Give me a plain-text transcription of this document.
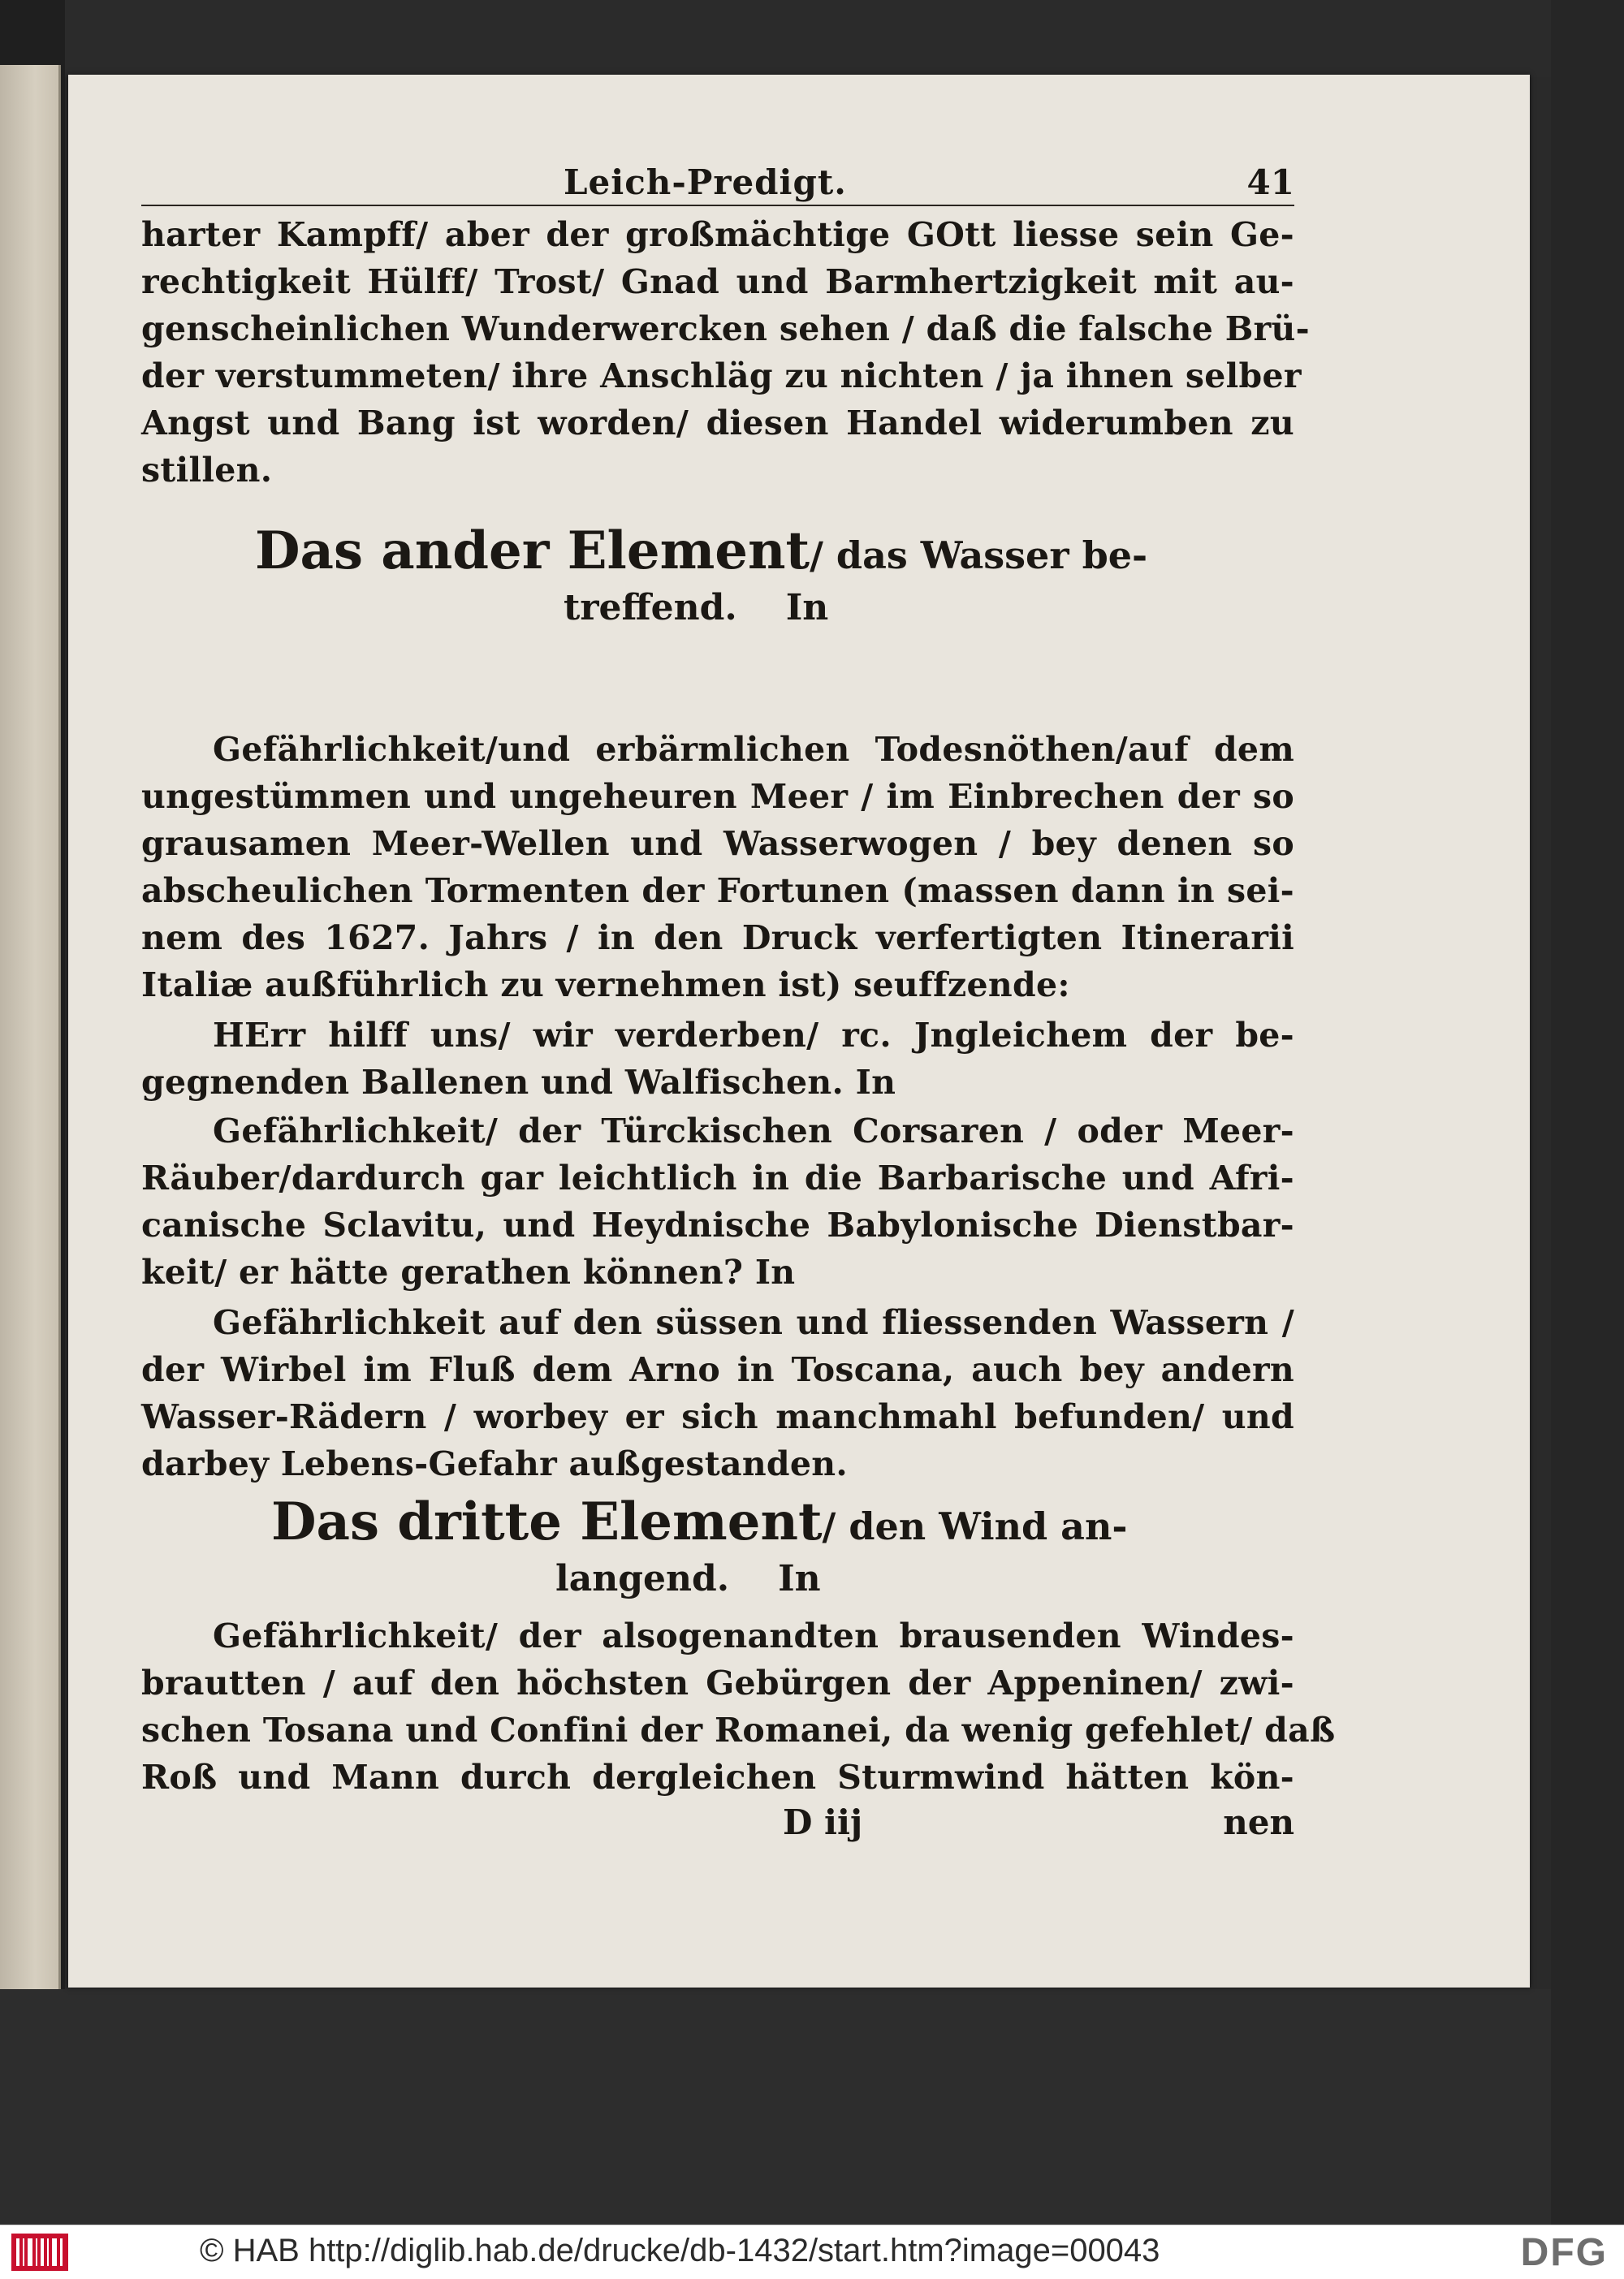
Leich-Predigt.	41
harter Kampff/ aber der großmächtige GOtt liesse sein Ge-
rechtigkeit Hülff/ Trost/ Gnad und Barmhertzigkeit mit au-
genscheinlichen Wunderwercken sehen / daß die falsche Brü-
der verstummeten/ ihre Anschläg zu nichten / ja ihnen selber
Angst und Bang ist worden/ diesen Handel widerumben zu
stillen.
Das ander Element/ das Wasser be-
treffend. In
Gefährlichkeit/und erbärmlichen Todesnöthen/auf dem
ungestümmen und ungeheuren Meer / im Einbrechen der so
grausamen Meer-Wellen und Wasserwogen / bey denen so
abscheulichen Tormenten der Fortunen (massen dann in sei-
nem des 1627. Jahrs / in den Druck verfertigten Itinerarii
Italiæ außführlich zu vernehmen ist) seuffzende:
HErr hilff uns/ wir verderben/ rc. Jngleichem der be-
gegnenden Ballenen und Walfischen. In
Gefährlichkeit/ der Türckischen Corsaren / oder Meer-
Räuber/dardurch gar leichtlich in die Barbarische und Afri-
canische Sclavitu, und Heydnische Babylonische Dienstbar-
keit/ er hätte gerathen können? In
Gefährlichkeit auf den süssen und fliessenden Wassern /
der Wirbel im Fluß dem Arno in Toscana, auch bey andern
Wasser-Rädern / worbey er sich manchmahl befunden/ und
darbey Lebens-Gefahr außgestanden.
Das dritte Element/ den Wind an-
langend. In
Gefährlichkeit/ der alsogenandten brausenden Windes-
brautten / auf den höchsten Gebürgen der Appeninen/ zwi-
schen Tosana und Confini der Romanei, da wenig gefehlet/ daß
Roß und Mann durch dergleichen Sturmwind hätten kön-
D iij	nen
© HAB http://diglib.hab.de/drucke/db-1432/start.htm?image=00043	DFG
